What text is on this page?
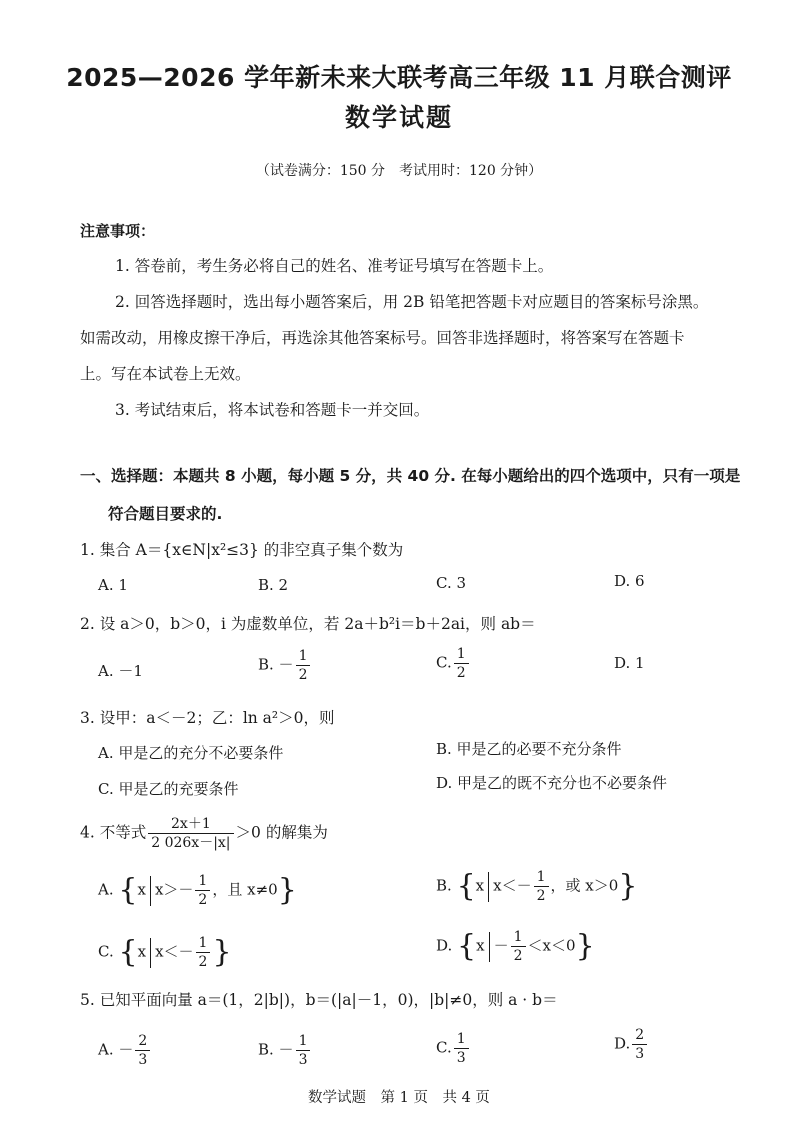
2025—2026 学年新未来大联考高三年级 11 月联合测评
数学试题
（试卷满分：150 分　考试用时：120 分钟）
注意事项：
1. 答卷前，考生务必将自己的姓名、准考证号填写在答题卡上。
2. 回答选择题时，选出每小题答案后，用 2B 铅笔把答题卡对应题目的答案标号涂黑。
如需改动，用橡皮擦干净后，再选涂其他答案标号。回答非选择题时，将答案写在答题卡
上。写在本试卷上无效。
3. 考试结束后，将本试卷和答题卡一并交回。
一、选择题：本题共 8 小题，每小题 5 分，共 40 分. 在每小题给出的四个选项中，只有一项是
符合题目要求的.
1. 集合 A＝{x∈N|x²≤3} 的非空真子集个数为
A. 1	B. 2	C. 3	D. 6
2. 设 a＞0，b＞0，i 为虚数单位，若 2a＋b²i＝b＋2ai，则 ab＝
A. －1	B. － $\frac{1}{2}$	C. $\frac{1}{2}$	D. 1
3. 设甲：a＜－2；乙：ln a²＞0，则
A. 甲是乙的充分不必要条件	B. 甲是乙的必要不充分条件
C. 甲是乙的充要条件	D. 甲是乙的既不充分也不必要条件
4. 不等式 $\frac{2x+1}{2 026x-|x|} >0$ 的解集为
A. {x $x>- \frac{1}{2}$ ，且 x≠0}	B. {x $x<- \frac{1}{2}$ ，或 x＞0}
C. {x $x<- \frac{1}{2}$ }	D. $\{x - \frac{1}{2} <x<0\}$
5. 已知平面向量 a＝(1，2|b|)，b＝(|a|－1，0)，|b|≠0，则 a · b＝
A. － $\frac{2}{3}$	B. － $\frac{1}{3}$	C. $\frac{1}{3}$	D. $\frac{2}{3}$
数学试题　第 1 页　共 4 页
